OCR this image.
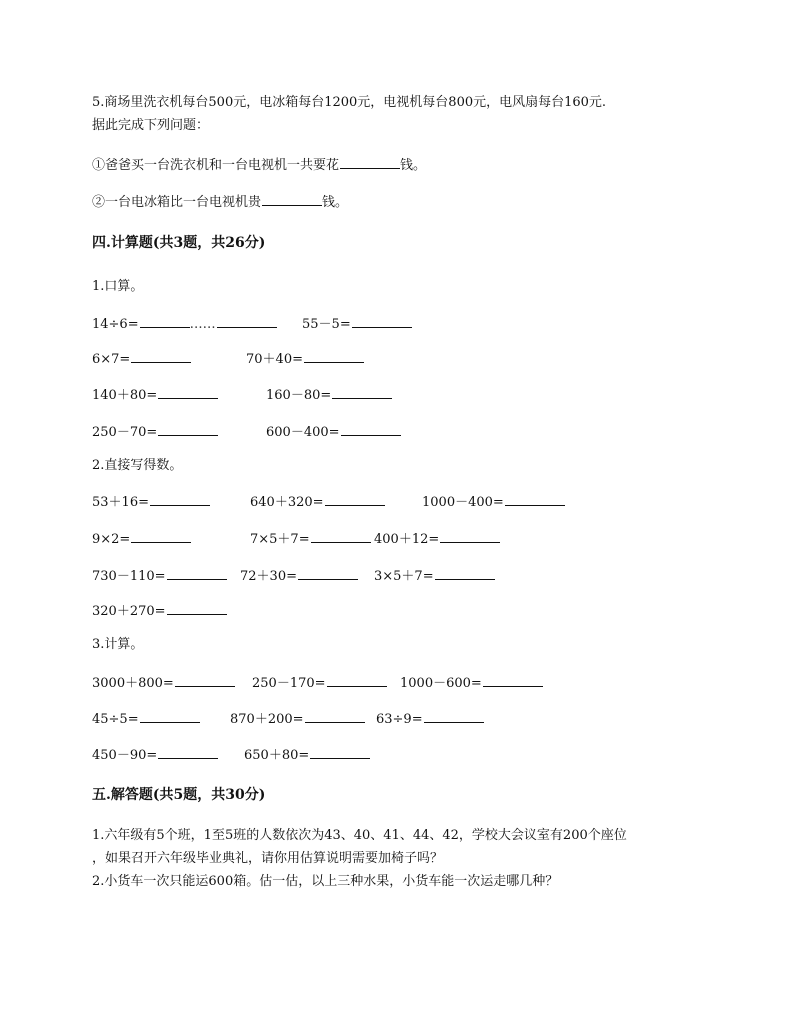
5.商场里洗衣机每台500元，电冰箱每台1200元，电视机每台800元，电风扇每台160元.
据此完成下列问题：
①爸爸买一台洗衣机和一台电视机一共要花	钱。
②一台电冰箱比一台电视机贵	钱。
四.计算题(共3题，共26分)
1.口算。
14÷6=	……	55－5=
6×7=	70＋40=
140＋80=	160－80=
250－70=	600－400=
2.直接写得数。
53＋16=	640＋320=	1000－400=
9×2=	7×5＋7=	400＋12=
730－110=	72＋30=	3×5＋7=
320＋270=
3.计算。
3000＋800=	250－170=	1000－600=
45÷5=	870＋200=	63÷9=
450－90=	650＋80=
五.解答题(共5题，共30分)
1.六年级有5个班，1至5班的人数依次为43、40、41、44、42，学校大会议室有200个座位
，如果召开六年级毕业典礼，请你用估算说明需要加椅子吗？
2.小货车一次只能运600箱。估一估，以上三种水果，小货车能一次运走哪几种？
